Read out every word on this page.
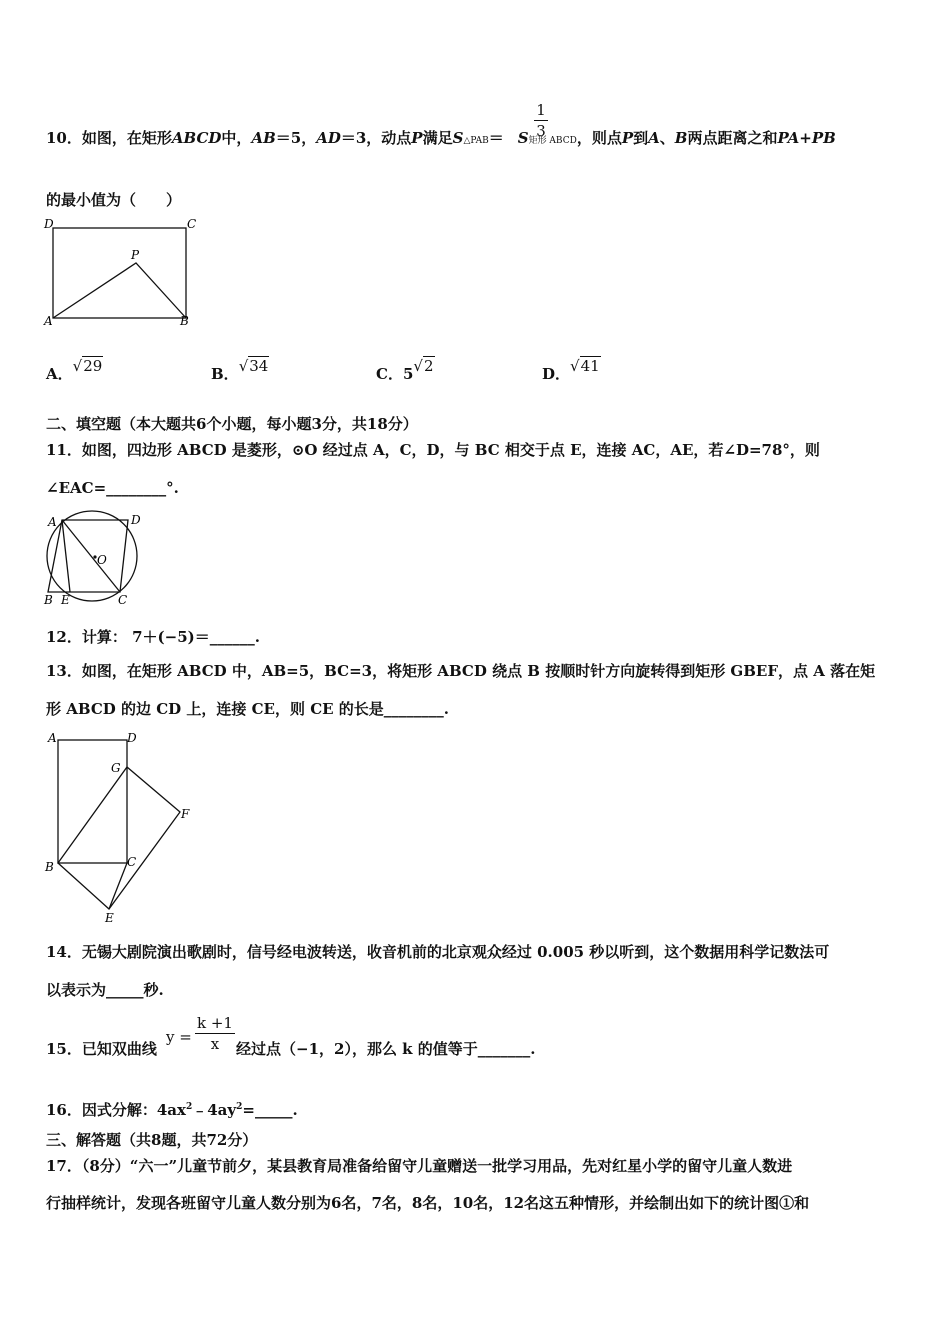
10．如图，在矩形ABCD中，AB＝5，AD＝3，动点P满足S△PAB＝ S矩形 ABCD，则点P到A、B两点距离之和PA+PB
$\frac{1}{3}$
的最小值为（　　）
D	C
P
A	B
A．√29	B．√34	C．5√2	D．√41
二、填空题（本大题共6个小题，每小题3分，共18分）
11．如图，四边形 ABCD 是菱形，⊙O 经过点 A，C，D，与 BC 相交于点 E，连接 AC，AE，若∠D=78°，则
∠EAC=________°.
A	D
O
B E	C
12．计算： 7＋(−5)＝______.
13．如图，在矩形 ABCD 中，AB=5，BC=3，将矩形 ABCD 绕点 B 按顺时针方向旋转得到矩形 GBEF，点 A 落在矩
形 ABCD 的边 CD 上，连接 CE，则 CE 的长是________.
A	D
G
F
B	C
E
14．无锡大剧院演出歌剧时，信号经电波转送，收音机前的北京观众经过 0.005 秒以听到，这个数据用科学记数法可
以表示为_____秒.
15．已知双曲线
$y = \frac{k +1}{x}$ 经过点（−1，2），那么 k 的值等于_______.
16．因式分解：$4ax^2﹣4ay^2=\_\_\_\_\_$.
三、解答题（共8题，共72分）
17．（8分）“六一”儿童节前夕，某县教育局准备给留守儿童赠送一批学习用品，先对红星小学的留守儿童人数进
行抽样统计，发现各班留守儿童人数分别为6名，7名，8名，10名，12名这五种情形，并绘制出如下的统计图①和
